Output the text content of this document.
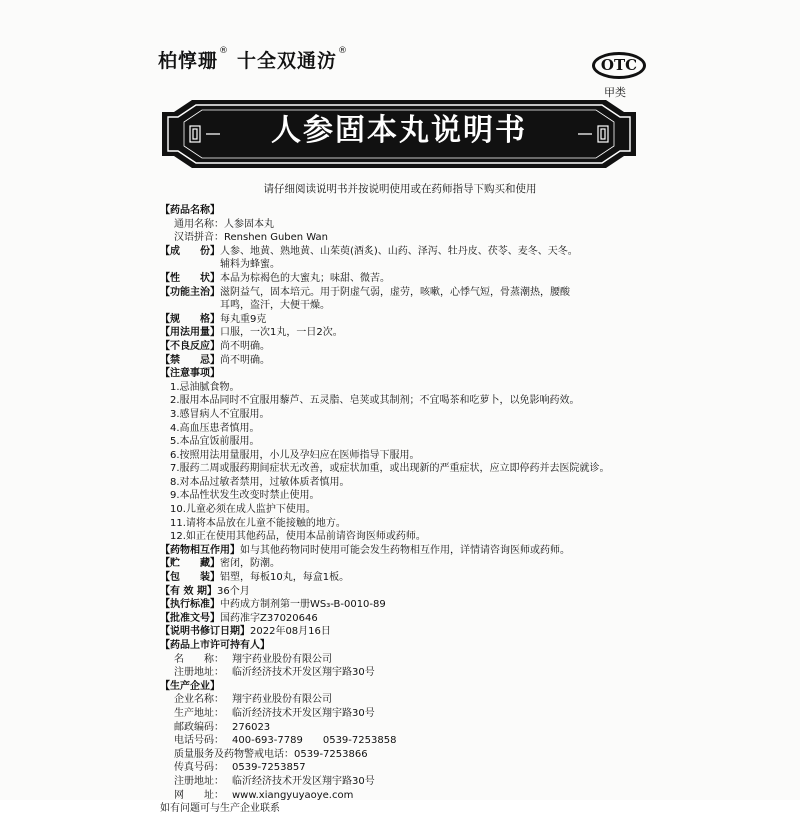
柏惇珊® 十全双通汸®
OTC
甲类
人参固本丸说明书
请仔细阅读说明书并按说明使用或在药师指导下购买和使用
【药品名称】
通用名称：人参固本丸
汉语拼音：Renshen Guben Wan
【成　　份】人参、地黄、熟地黄、山茱萸(酒炙)、山药、泽泻、牡丹皮、茯苓、麦冬、天冬。
辅料为蜂蜜。
【性　　状】本品为棕褐色的大蜜丸；味甜、微苦。
【功能主治】滋阴益气，固本培元。用于阴虚气弱，虚劳，咳嗽，心悸气短，骨蒸潮热，腰酸
耳鸣，盗汗，大便干燥。
【规　　格】每丸重9克
【用法用量】口服，一次1丸，一日2次。
【不良反应】尚不明确。
【禁　　忌】尚不明确。
【注意事项】
1. 忌油腻食物。
2. 服用本品同时不宜服用藜芦、五灵脂、皂荚或其制剂；不宜喝茶和吃萝卜，以免影响药效。
3. 感冒病人不宜服用。
4. 高血压患者慎用。
5. 本品宜饭前服用。
6. 按照用法用量服用，小儿及孕妇应在医师指导下服用。
7. 服药二周或服药期间症状无改善，或症状加重，或出现新的严重症状，应立即停药并去医院就诊。
8. 对本品过敏者禁用，过敏体质者慎用。
9. 本品性状发生改变时禁止使用。
10. 儿童必须在成人监护下使用。
11. 请将本品放在儿童不能接触的地方。
12. 如正在使用其他药品，使用本品前请咨询医师或药师。
【药物相互作用】如与其他药物同时使用可能会发生药物相互作用，详情请咨询医师或药师。
【贮　　藏】密闭，防潮。
【包　　装】铝塑，每板10丸，每盒1板。
【有 效 期】36个月
【执行标准】中药成方制剂第一册WS₃-B-0010-89
【批准文号】国药准字Z37020646
【说明书修订日期】2022年08月16日
【药品上市许可持有人】
名　　称： 翔宇药业股份有限公司
注册地址： 临沂经济技术开发区翔宇路30号
【生产企业】
企业名称： 翔宇药业股份有限公司
生产地址： 临沂经济技术开发区翔宇路30号
邮政编码： 276023
电话号码： 400-693-7789　　0539-7253858
质量服务及药物警戒电话：0539-7253866
传真号码： 0539-7253857
注册地址： 临沂经济技术开发区翔宇路30号
网　　址： www.xiangyuyaoye.com
如有问题可与生产企业联系
